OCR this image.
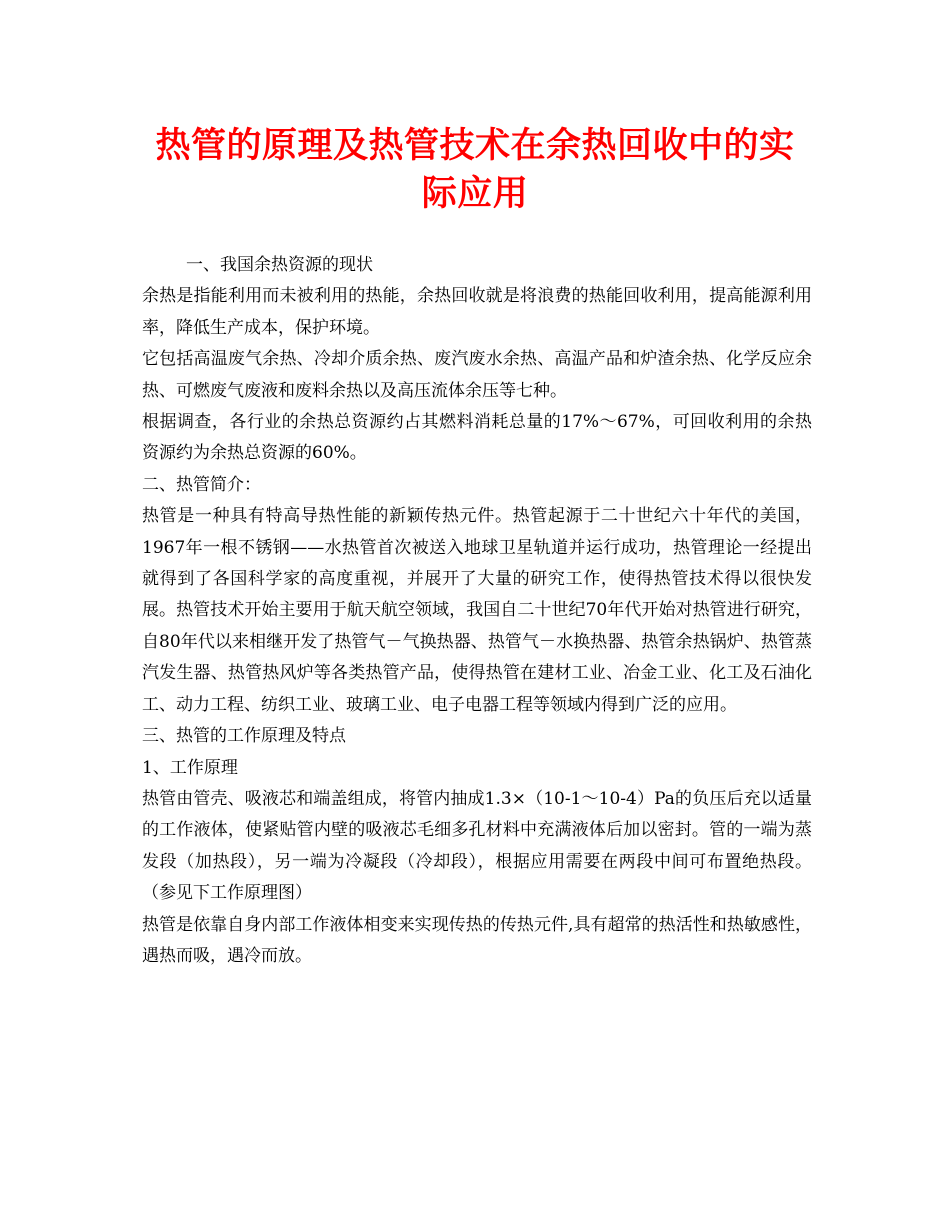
热管的原理及热管技术在余热回收中的实际应用

一、我国余热资源的现状

余热是指能利用而未被利用的热能，余热回收就是将浪费的热能回收利用，提高能源利用率，降低生产成本，保护环境。

它包括高温废气余热、冷却介质余热、废汽废水余热、高温产品和炉渣余热、化学反应余热、可燃废气废液和废料余热以及高压流体余压等七种。

根据调查，各行业的余热总资源约占其燃料消耗总量的17%～67%，可回收利用的余热资源约为余热总资源的60%。

二、热管简介：

热管是一种具有特高导热性能的新颖传热元件。热管起源于二十世纪六十年代的美国，1967年一根不锈钢——水热管首次被送入地球卫星轨道并运行成功，热管理论一经提出就得到了各国科学家的高度重视，并展开了大量的研究工作，使得热管技术得以很快发展。热管技术开始主要用于航天航空领域，我国自二十世纪70年代开始对热管进行研究，自80年代以来相继开发了热管气－气换热器、热管气－水换热器、热管余热锅炉、热管蒸汽发生器、热管热风炉等各类热管产品，使得热管在建材工业、冶金工业、化工及石油化工、动力工程、纺织工业、玻璃工业、电子电器工程等领域内得到广泛的应用。

三、热管的工作原理及特点

1、工作原理

热管由管壳、吸液芯和端盖组成，将管内抽成1.3×（10-1～10-4）Pa的负压后充以适量的工作液体，使紧贴管内壁的吸液芯毛细多孔材料中充满液体后加以密封。管的一端为蒸发段（加热段），另一端为冷凝段（冷却段），根据应用需要在两段中间可布置绝热段。（参见下工作原理图）

热管是依靠自身内部工作液体相变来实现传热的传热元件,具有超常的热活性和热敏感性，遇热而吸，遇冷而放。
